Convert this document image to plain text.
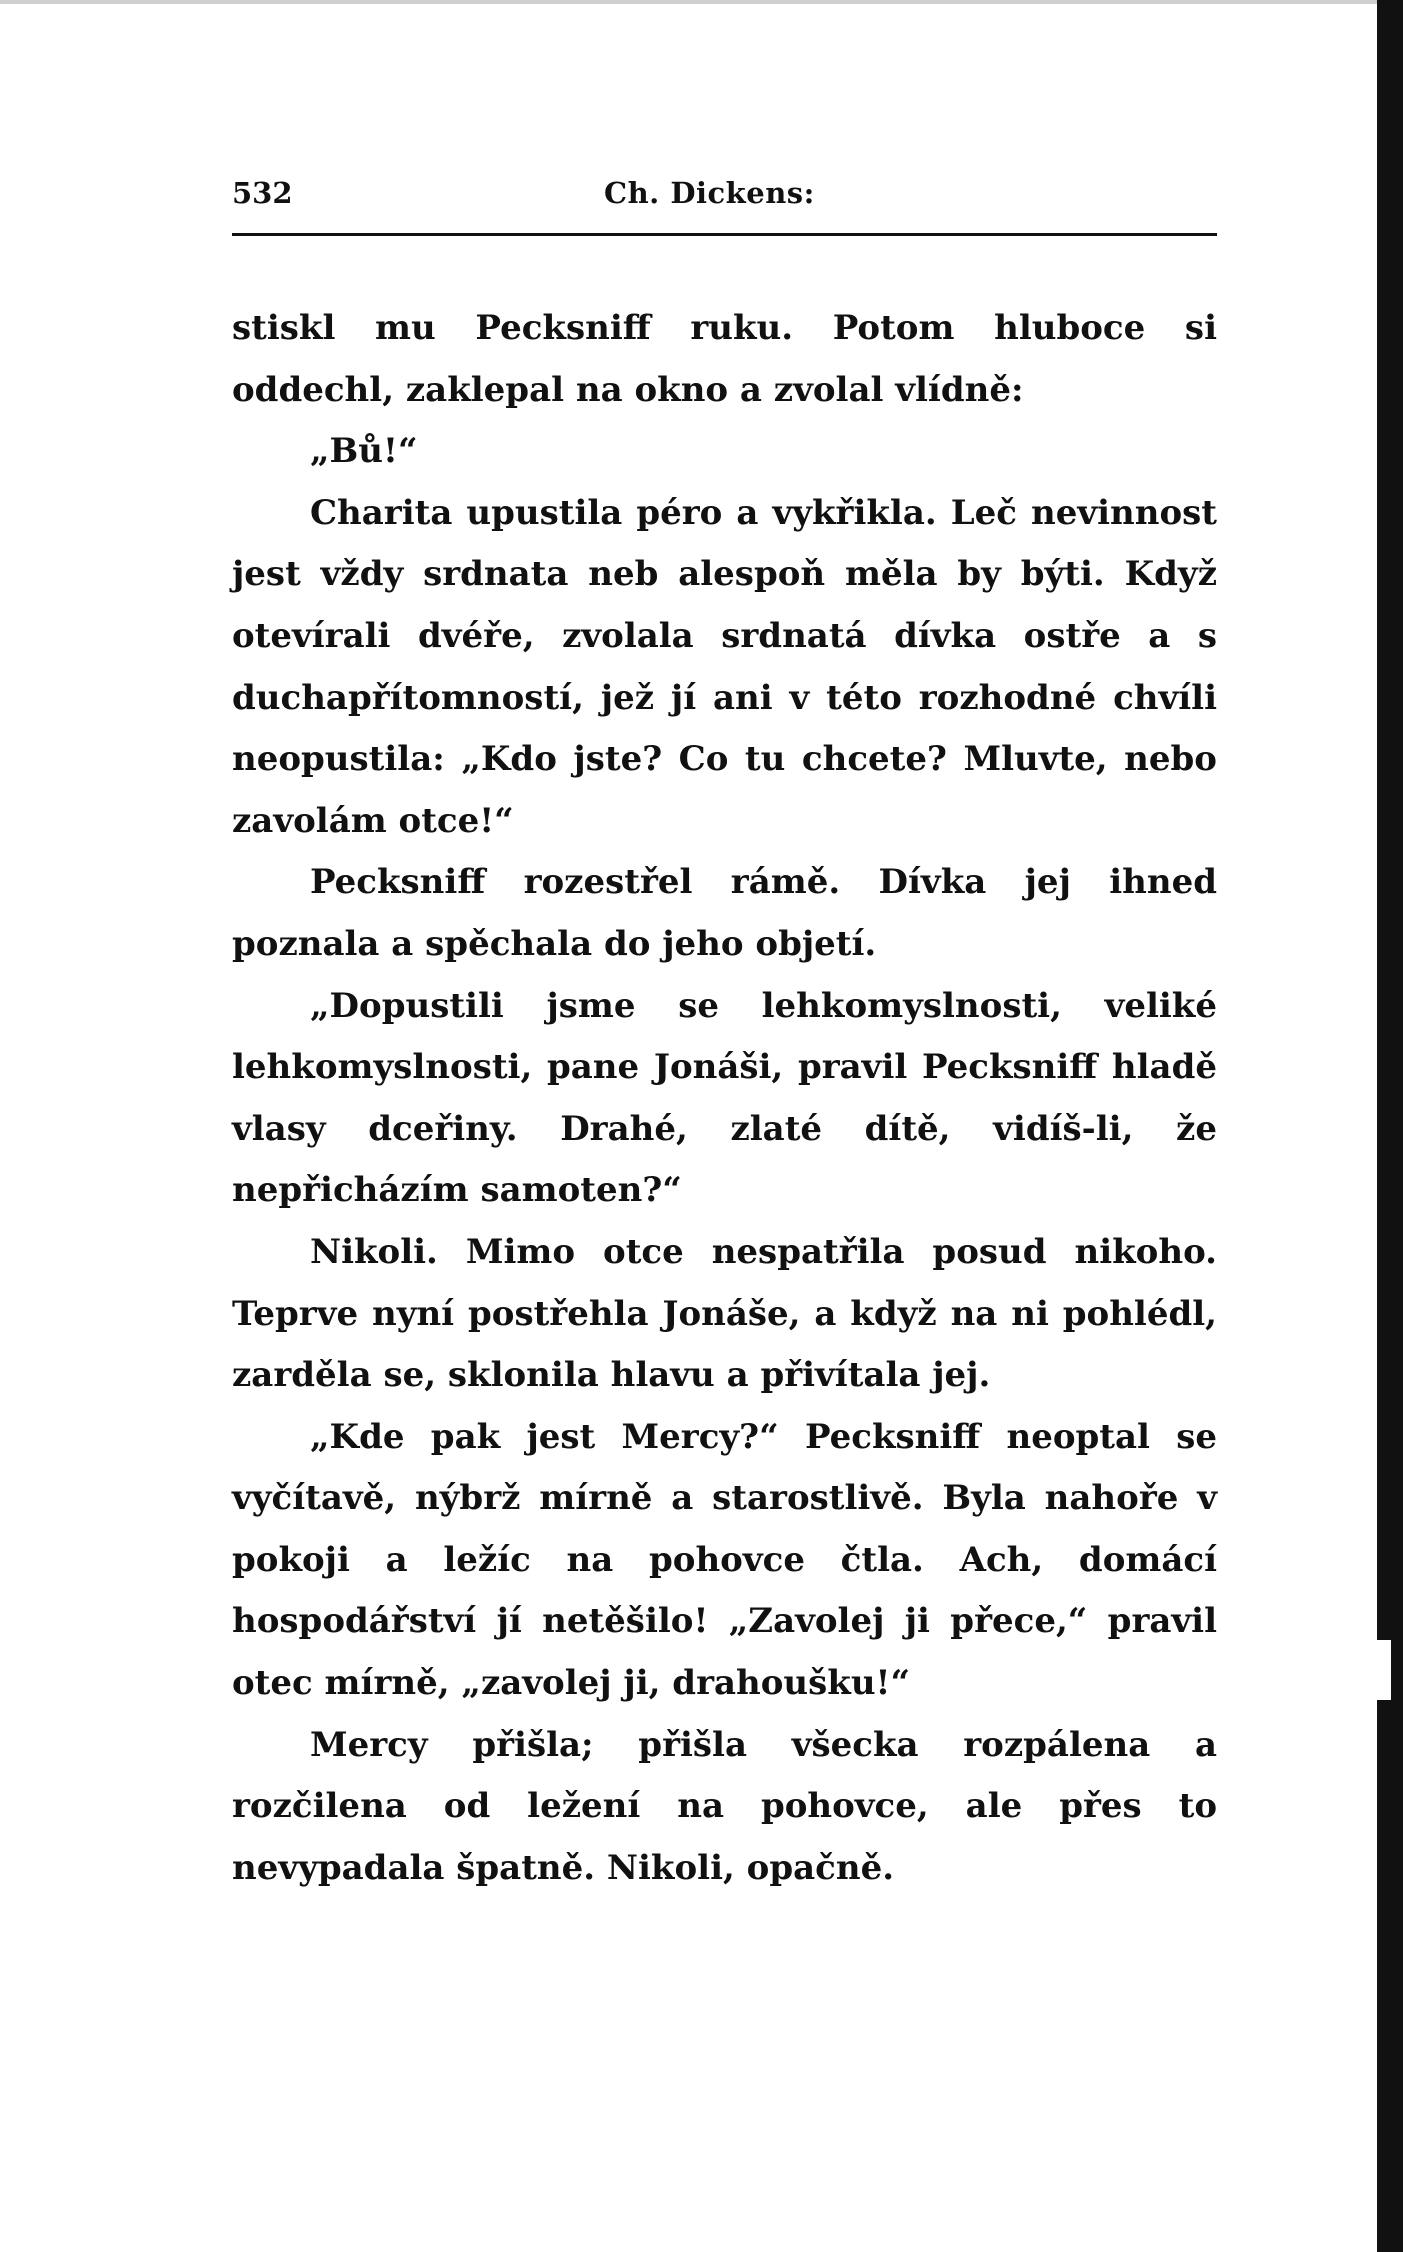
532	Ch. Dickens:

stiskl mu Pecksniff ruku. Potom hluboce si oddechl, zaklepal na okno a zvolal vlídně:

„Bů!“

Charita upustila péro a vykřikla. Leč nevinnost jest vždy srdnata neb alespoň měla by býti. Když otevírali dvéře, zvolala srdnatá dívka ostře a s duchapřítomností, jež jí ani v této rozhodné chvíli neopustila: „Kdo jste? Co tu chcete? Mluvte, nebo zavolám otce!“

Pecksniff rozestřel rámě. Dívka jej ihned poznala a spěchala do jeho objetí.

„Dopustili jsme se lehkomyslnosti, veliké lehkomyslnosti, pane Jonáši, pravil Pecksniff hladě vlasy dceřiny. Drahé, zlaté dítě, vidíš-li, že nepřicházím samoten?“

Nikoli. Mimo otce nespatřila posud nikoho. Teprve nyní postřehla Jonáše, a když na ni pohlédl, zarděla se, sklonila hlavu a přivítala jej.

„Kde pak jest Mercy?“ Pecksniff neoptal se vyčítavě, nýbrž mírně a starostlivě. Byla nahoře v pokoji a ležíc na pohovce čtla. Ach, domácí hospodářství jí netěšilo! „Zavolej ji přece,“ pravil otec mírně, „zavolej ji, drahoušku!“

Mercy přišla; přišla všecka rozpálena a rozčilena od ležení na pohovce, ale přes to nevypadala špatně. Nikoli, opačně.
